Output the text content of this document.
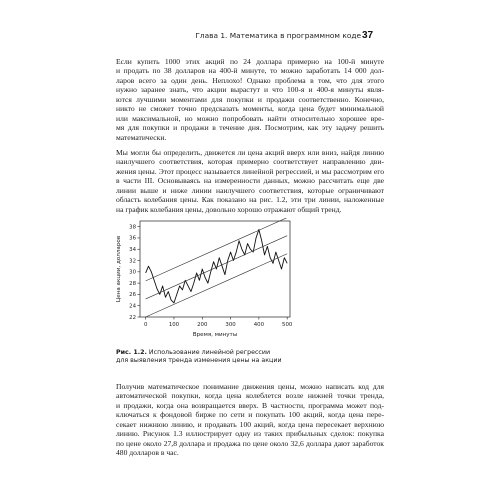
Глава 1. Математика в программном коде 37
Если купить 1000 этих акций по 24 доллара примерно на 100-й минуте
и продать по 38 долларов на 400-й минуте, то можно заработать 14 000 дол-
ларов всего за один день. Неплохо! Однако проблема в том, что для этого
нужно заранее знать, что акции вырастут и что 100-я и 400-я минуты явля-
ются лучшими моментами для покупки и продажи соответственно. Конечно,
никто не сможет точно предсказать моменты, когда цена будет минимальной
или максимальной, но можно попробовать найти относительно хорошее вре-
мя для покупки и продажи в течение дня. Посмотрим, как эту задачу решить
математически.
Мы могли бы определить, движется ли цена акций вверх или вниз, найдя линию
наилучшего соответствия, которая примерно соответствует направлению дви-
жения цены. Этот процесс называется линейной регрессией, и мы рассмотрим его
в части III. Основываясь на измеренности данных, можно рассчитать еще две
линии выше и ниже линии наилучшего соответствия, которые ограничивают
область колебания цены. Как показано на рис. 1.2, эти три линии, наложенные
на график колебания цены, довольно хорошо отражают общий тренд.
22
24
26
28
30
32
34
36
38
0	100	200	300	400	500
Время, минуты
Цена акции, долларов
Рис. 1.2. Использование линейной регрессии
для выявления тренда изменения цены на акции
Получив математическое понимание движения цены, можно написать код для
автоматической покупки, когда цена колеблется возле нижней точки тренда,
и продажи, когда она возвращается вверх. В частности, программа может под-
ключаться к фондовой бирже по сети и покупать 100 акций, когда цена пере-
секает нижнюю линию, и продавать 100 акций, когда цена пересекает верхнюю
линию. Рисунок 1.3 иллюстрирует одну из таких прибыльных сделок: покупка
по цене около 27,8 доллара и продажа по цене около 32,6 доллара дают заработок
480 долларов в час.
